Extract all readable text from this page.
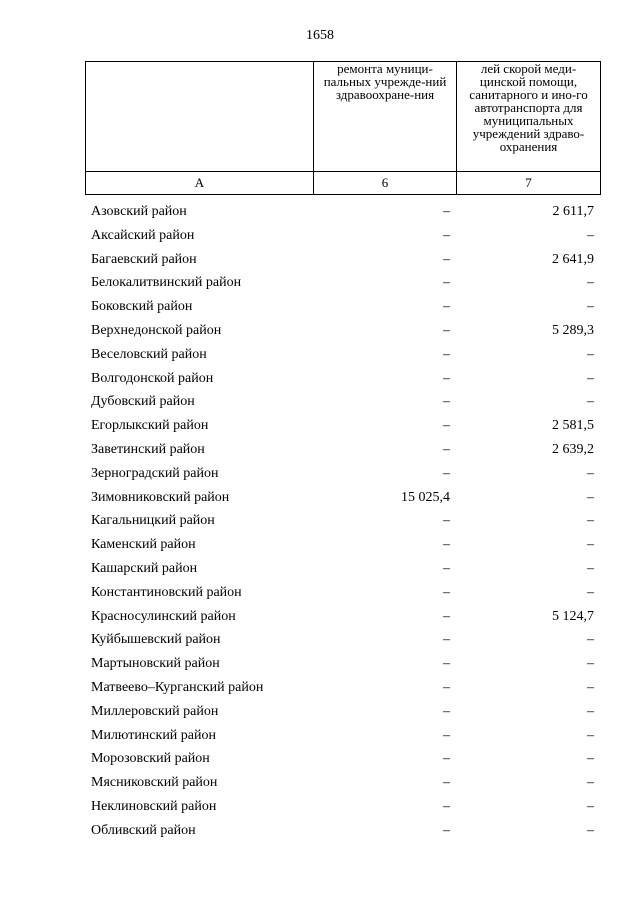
1658
	ремонта муници-пальных учрежде-ний здравоохране-ния	лей скорой меди-цинской помощи, санитарного и ино-го автотранспорта для муниципальных учреждений здраво-охранения
А	6	7
Азовский район	–	2 611,7
Аксайский район	–	–
Багаевский район	–	2 641,9
Белокалитвинский район	–	–
Боковский район	–	–
Верхнедонской район	–	5 289,3
Веселовский район	–	–
Волгодонской район	–	–
Дубовский район	–	–
Егорлыкский район	–	2 581,5
Заветинский район	–	2 639,2
Зерноградский район	–	–
Зимовниковский район	15 025,4	–
Кагальницкий район	–	–
Каменский район	–	–
Кашарский район	–	–
Константиновский район	–	–
Красносулинский район	–	5 124,7
Куйбышевский район	–	–
Мартыновский район	–	–
Матвеево–Курганский район	–	–
Миллеровский район	–	–
Милютинский район	–	–
Морозовский район	–	–
Мясниковский район	–	–
Неклиновский район	–	–
Обливский район	–	–
